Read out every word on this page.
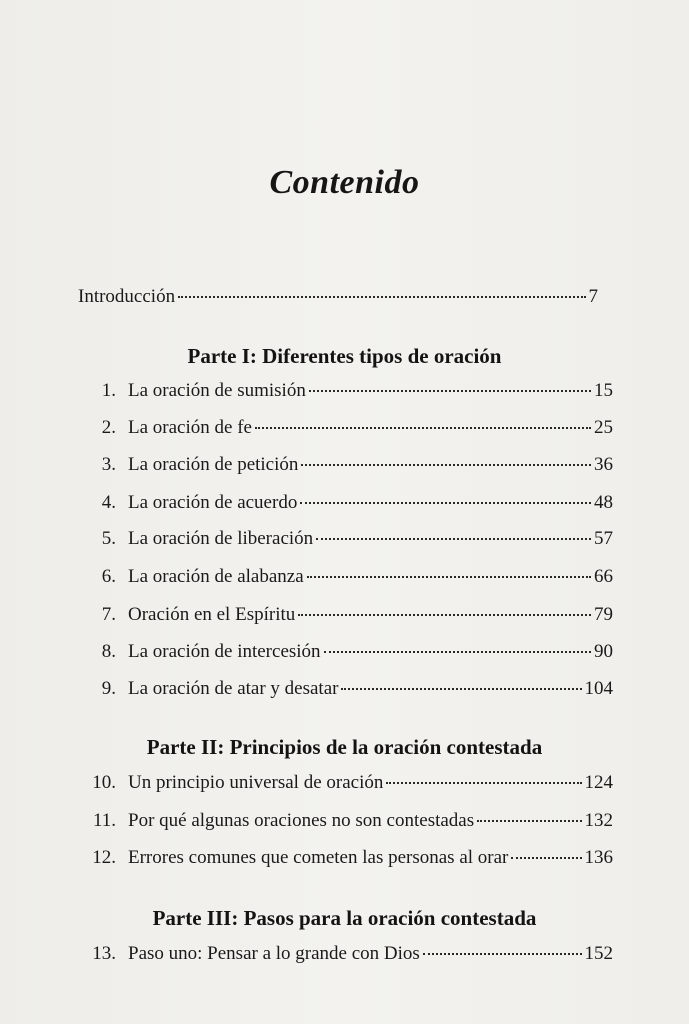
Contenido
Introducción	7
Parte I: Diferentes tipos de oración
1. La oración de sumisión	15
2. La oración de fe	25
3. La oración de petición	36
4. La oración de acuerdo	48
5. La oración de liberación	57
6. La oración de alabanza	66
7. Oración en el Espíritu	79
8. La oración de intercesión	90
9. La oración de atar y desatar	104
Parte II: Principios de la oración contestada
10. Un principio universal de oración	124
11. Por qué algunas oraciones no son contestadas	132
12. Errores comunes que cometen las personas al orar	136
Parte III: Pasos para la oración contestada
13. Paso uno: Pensar a lo grande con Dios	152
